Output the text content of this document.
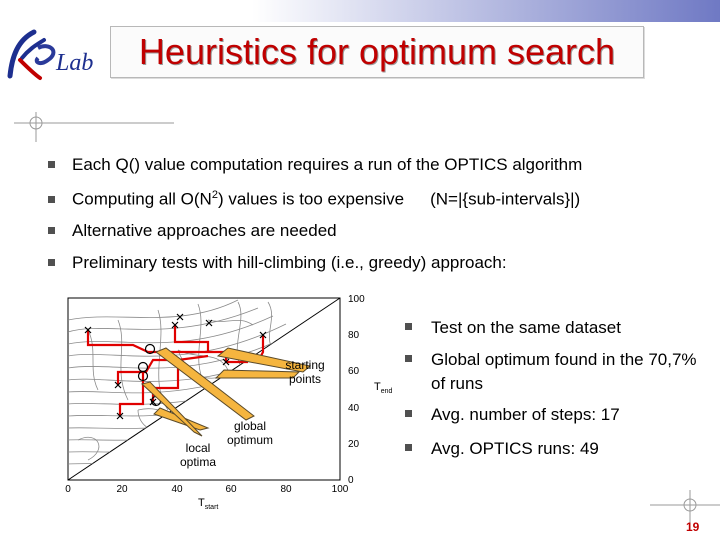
Lab	Heuristics for optimum search
Each Q() value computation requires a run of the OPTICS algorithm
Computing all $O(N^2)$ values is too expensive (N=|{sub-intervals}|)
Alternative approaches are needed
Preliminary tests with hill-climbing (i.e., greedy) approach:
starting
points
global
optimum
local
optima
0	20	40	60	80	100
100
80
60
40
20
0
$T_{start}$
$T_{end}$
Test on the same dataset
Global optimum found in the 70,7% of runs
Avg. number of steps: 17
Avg. OPTICS runs: 49
19
